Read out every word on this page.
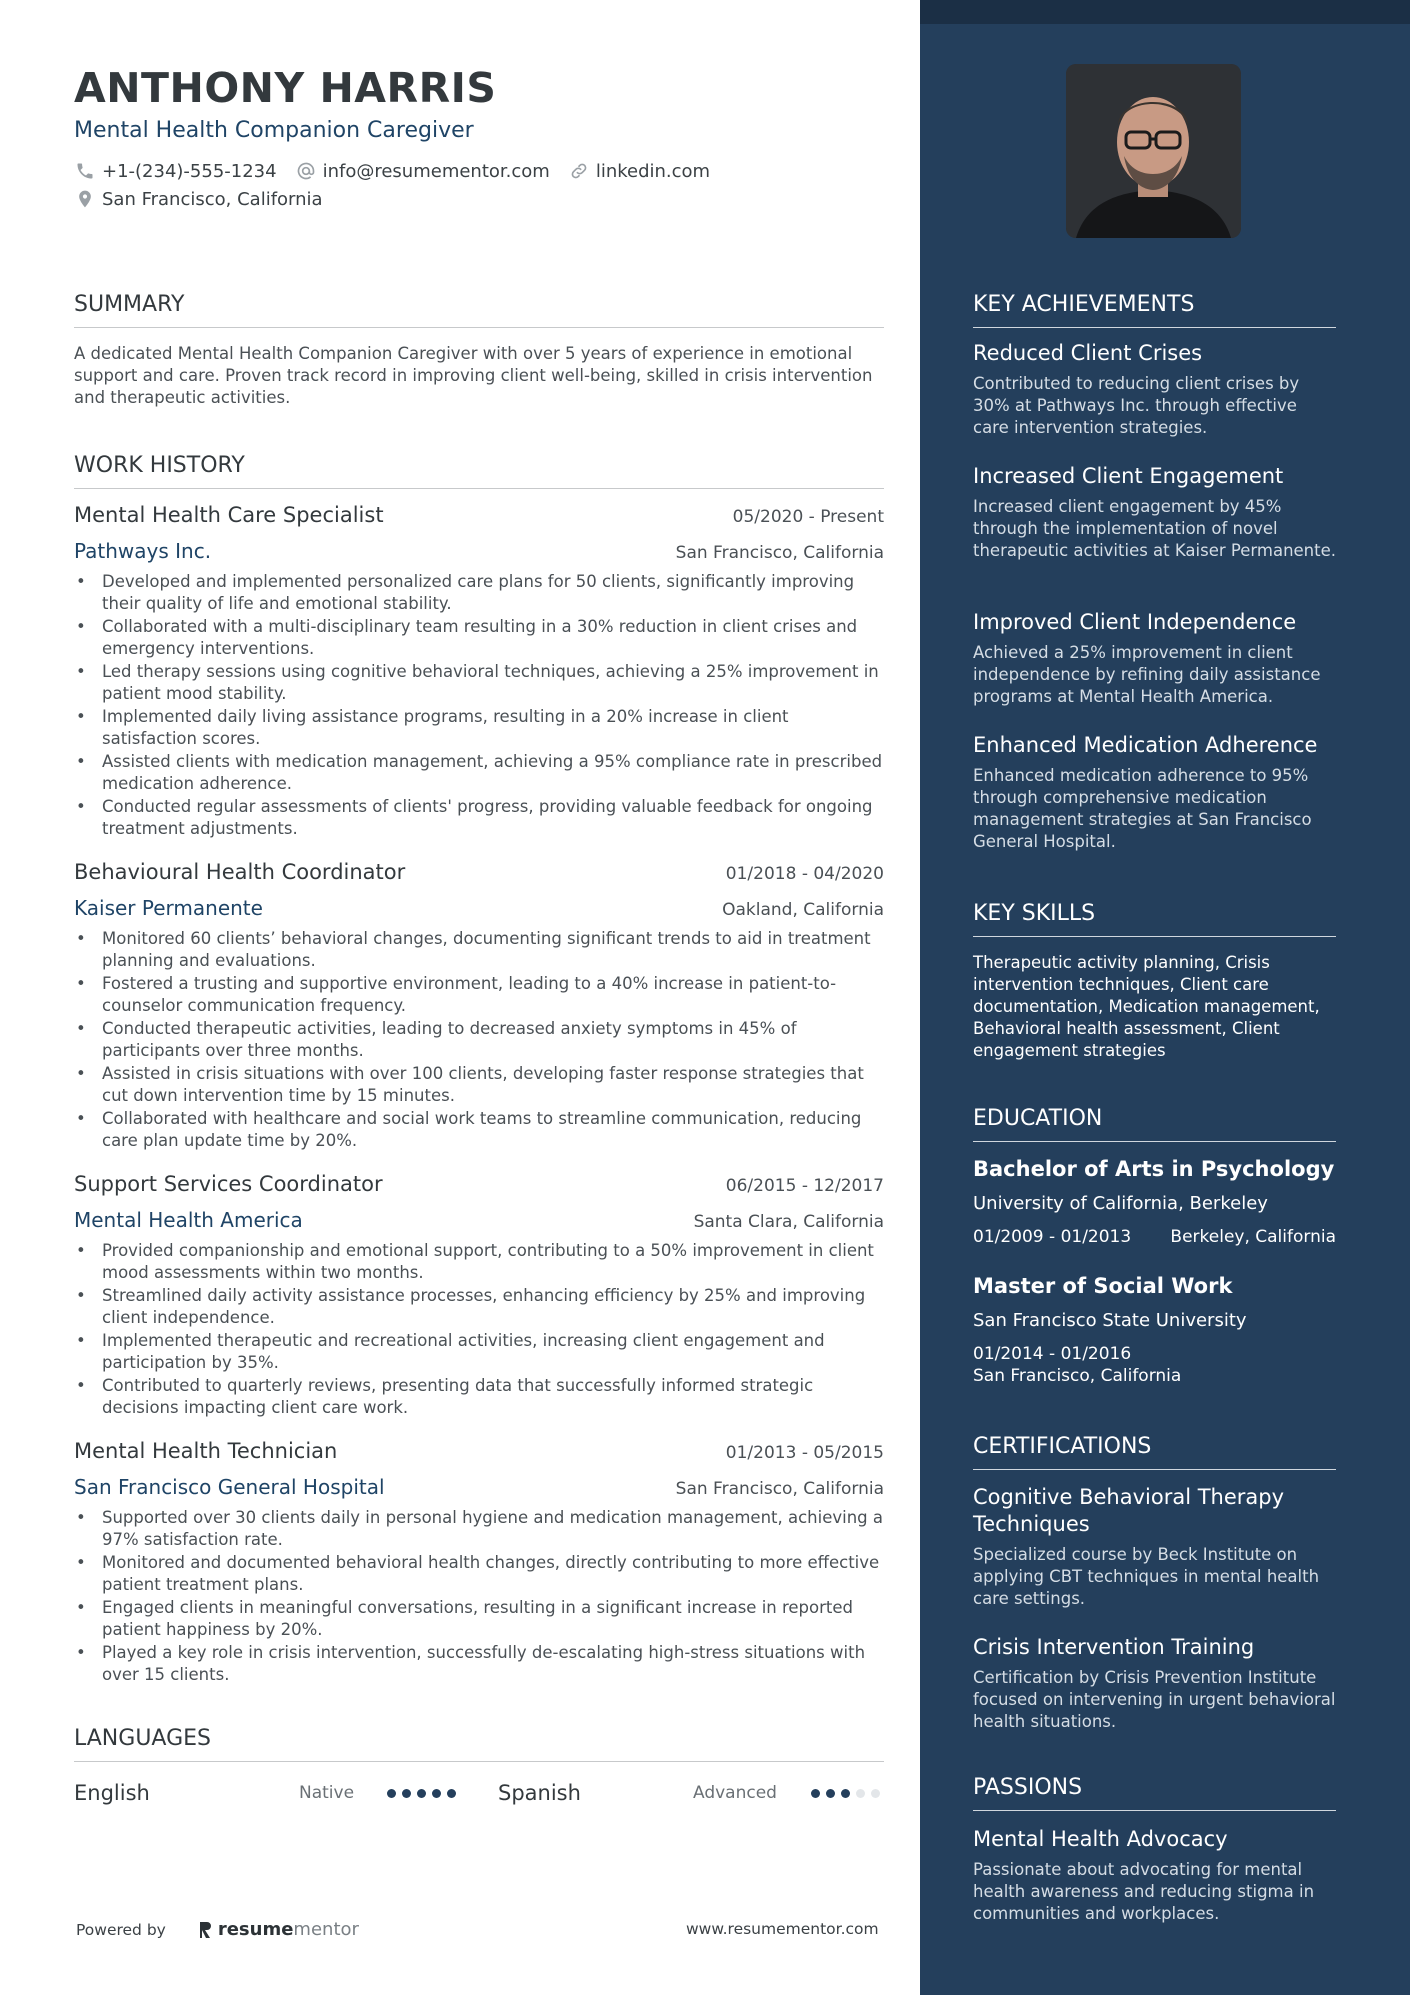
ANTHONY HARRIS
Mental Health Companion Caregiver
+1-(234)-555-1234	info@resumementor.com	linkedin.com
San Francisco, California
SUMMARY
A dedicated Mental Health Companion Caregiver with over 5 years of experience in emotional support and care. Proven track record in improving client well-being, skilled in crisis intervention and therapeutic activities.
WORK HISTORY
Mental Health Care Specialist	05/2020 - Present
Pathways Inc.	San Francisco, California
• Developed and implemented personalized care plans for 50 clients, significantly improving their quality of life and emotional stability.
• Collaborated with a multi-disciplinary team resulting in a 30% reduction in client crises and emergency interventions.
• Led therapy sessions using cognitive behavioral techniques, achieving a 25% improvement in patient mood stability.
• Implemented daily living assistance programs, resulting in a 20% increase in client satisfaction scores.
• Assisted clients with medication management, achieving a 95% compliance rate in prescribed medication adherence.
• Conducted regular assessments of clients' progress, providing valuable feedback for ongoing treatment adjustments.
Behavioural Health Coordinator	01/2018 - 04/2020
Kaiser Permanente	Oakland, California
• Monitored 60 clients’ behavioral changes, documenting significant trends to aid in treatment planning and evaluations.
• Fostered a trusting and supportive environment, leading to a 40% increase in patient-to-counselor communication frequency.
• Conducted therapeutic activities, leading to decreased anxiety symptoms in 45% of participants over three months.
• Assisted in crisis situations with over 100 clients, developing faster response strategies that cut down intervention time by 15 minutes.
• Collaborated with healthcare and social work teams to streamline communication, reducing care plan update time by 20%.
Support Services Coordinator	06/2015 - 12/2017
Mental Health America	Santa Clara, California
• Provided companionship and emotional support, contributing to a 50% improvement in client mood assessments within two months.
• Streamlined daily activity assistance processes, enhancing efficiency by 25% and improving client independence.
• Implemented therapeutic and recreational activities, increasing client engagement and participation by 35%.
• Contributed to quarterly reviews, presenting data that successfully informed strategic decisions impacting client care work.
Mental Health Technician	01/2013 - 05/2015
San Francisco General Hospital	San Francisco, California
• Supported over 30 clients daily in personal hygiene and medication management, achieving a 97% satisfaction rate.
• Monitored and documented behavioral health changes, directly contributing to more effective patient treatment plans.
• Engaged clients in meaningful conversations, resulting in a significant increase in reported patient happiness by 20%.
• Played a key role in crisis intervention, successfully de-escalating high-stress situations with over 15 clients.
LANGUAGES
English	Native	Spanish	Advanced
Powered by	resume mentor	www.resumementor.com
KEY ACHIEVEMENTS
Reduced Client Crises
Contributed to reducing client crises by 30% at Pathways Inc. through effective care intervention strategies.
Increased Client Engagement
Increased client engagement by 45% through the implementation of novel therapeutic activities at Kaiser Permanente.
Improved Client Independence
Achieved a 25% improvement in client independence by refining daily assistance programs at Mental Health America.
Enhanced Medication Adherence
Enhanced medication adherence to 95% through comprehensive medication management strategies at San Francisco General Hospital.
KEY SKILLS
Therapeutic activity planning, Crisis intervention techniques, Client care documentation, Medication management, Behavioral health assessment, Client engagement strategies
EDUCATION
Bachelor of Arts in Psychology
University of California, Berkeley
01/2009 - 01/2013 Berkeley, California
Master of Social Work
San Francisco State University
01/2014 - 01/2016
San Francisco, California
CERTIFICATIONS
Cognitive Behavioral Therapy Techniques
Specialized course by Beck Institute on applying CBT techniques in mental health care settings.
Crisis Intervention Training
Certification by Crisis Prevention Institute focused on intervening in urgent behavioral health situations.
PASSIONS
Mental Health Advocacy
Passionate about advocating for mental health awareness and reducing stigma in communities and workplaces.
